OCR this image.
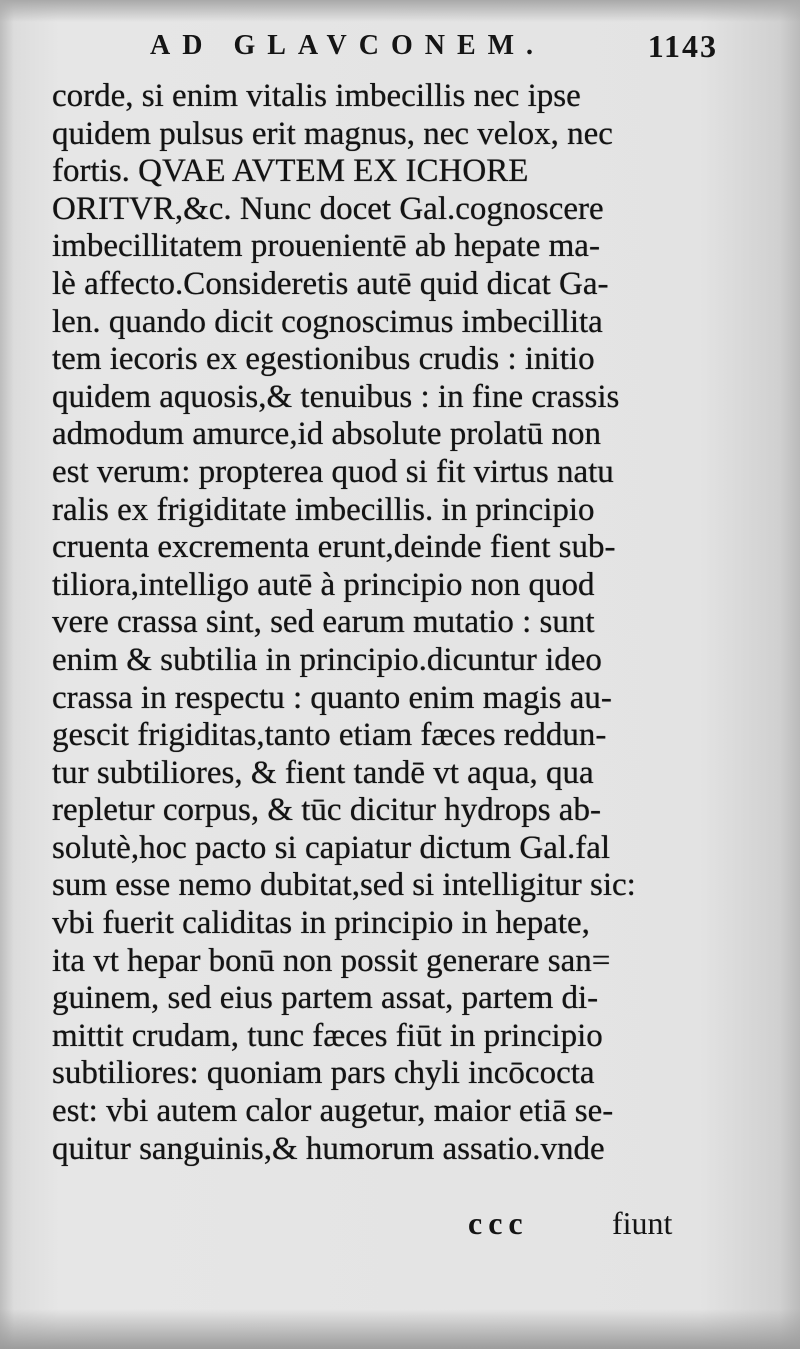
AD GLAVCONEM.	1143
corde, si enim vitalis imbecillis nec ipse
quidem pulsus erit magnus, nec velox, nec
fortis. QVAE AVTEM EX ICHORE
ORITVR,&c. Nunc docet Gal.cognoscere
imbecillitatem prouenientē ab hepate ma-
lè affecto.Consideretis autē quid dicat Ga-
len. quando dicit cognoscimus imbecillita
tem iecoris ex egestionibus crudis : initio
quidem aquosis,& tenuibus : in fine crassis
admodum amurce,id absolute prolatū non
est verum: propterea quod si fit virtus natu
ralis ex frigiditate imbecillis. in principio
cruenta excrementa erunt,deinde fient sub-
tiliora,intelligo autē à principio non quod
vere crassa sint, sed earum mutatio : sunt
enim & subtilia in principio.dicuntur ideo
crassa in respectu : quanto enim magis au-
gescit frigiditas,tanto etiam fæces reddun-
tur subtiliores, & fient tandē vt aqua, qua
repletur corpus, & tūc dicitur hydrops ab-
solutè,hoc pacto si capiatur dictum Gal.fal
sum esse nemo dubitat,sed si intelligitur sic:
vbi fuerit caliditas in principio in hepate,
ita vt hepar bonū non possit generare san=
guinem, sed eius partem assat, partem di-
mittit crudam, tunc fæces fiūt in principio
subtiliores: quoniam pars chyli incōcocta
est: vbi autem calor augetur, maior etiā se-
quitur sanguinis,& humorum assatio.vnde
ccc	fiunt
